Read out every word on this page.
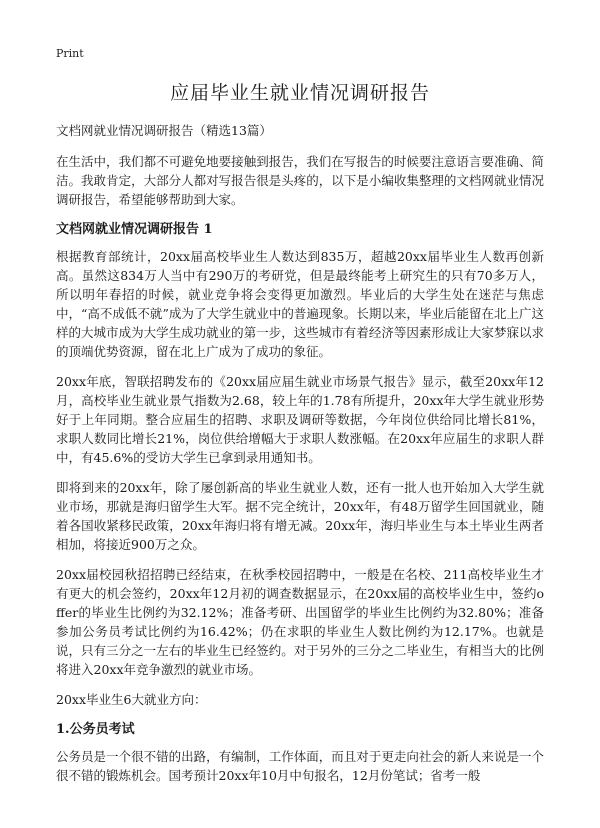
Print
应届毕业生就业情况调研报告

文档网就业情况调研报告（精选13篇）

在生活中，我们都不可避免地要接触到报告，我们在写报告的时候要注意语言要准确、简洁。我敢肯定，大部分人都对写报告很是头疼的，以下是小编收集整理的文档网就业情况调研报告，希望能够帮助到大家。

文档网就业情况调研报告 1

根据教育部统计，20xx届高校毕业生人数达到835万，超越20xx届毕业生人数再创新高。虽然这834万人当中有290万的考研党，但是最终能考上研究生的只有70多万人，所以明年春招的时候，就业竞争将会变得更加激烈。毕业后的大学生处在迷茫与焦虑中，“高不成低不就”成为了大学生就业中的普遍现象。长期以来，毕业后能留在北上广这样的大城市成为大学生成功就业的第一步，这些城市有着经济等因素形成让大家梦寐以求的顶端优势资源，留在北上广成为了成功的象征。

20xx年底，智联招聘发布的《20xx届应届生就业市场景气报告》显示，截至20xx年12月，高校毕业生就业景气指数为2.68，较上年的1.78有所提升，20xx年大学生就业形势好于上年同期。整合应届生的招聘、求职及调研等数据，今年岗位供给同比增长81%，求职人数同比增长21%，岗位供给增幅大于求职人数涨幅。在20xx年应届生的求职人群中，有45.6%的受访大学生已拿到录用通知书。

即将到来的20xx年，除了屡创新高的毕业生就业人数，还有一批人也开始加入大学生就业市场，那就是海归留学生大军。据不完全统计，20xx年，有48万留学生回国就业，随着各国收紧移民政策，20xx年海归将有增无减。20xx年，海归毕业生与本土毕业生两者相加，将接近900万之众。

20xx届校园秋招招聘已经结束，在秋季校园招聘中，一般是在名校、211高校毕业生才有更大的机会签约，20xx年12月初的调查数据显示，在20xx届的高校毕业生中，签约offer的毕业生比例约为32.12%；准备考研、出国留学的毕业生比例约为32.80%；准备参加公务员考试比例约为16.42%；仍在求职的毕业生人数比例约为12.17%。也就是说，只有三分之一左右的毕业生已经签约。对于另外的三分之二毕业生，有相当大的比例将进入20xx年竞争激烈的就业市场。

20xx毕业生6大就业方向：

1.公务员考试

公务员是一个很不错的出路，有编制，工作体面，而且对于更走向社会的新人来说是一个很不错的锻炼机会。国考预计20xx年10月中旬报名，12月份笔试；省考一般
